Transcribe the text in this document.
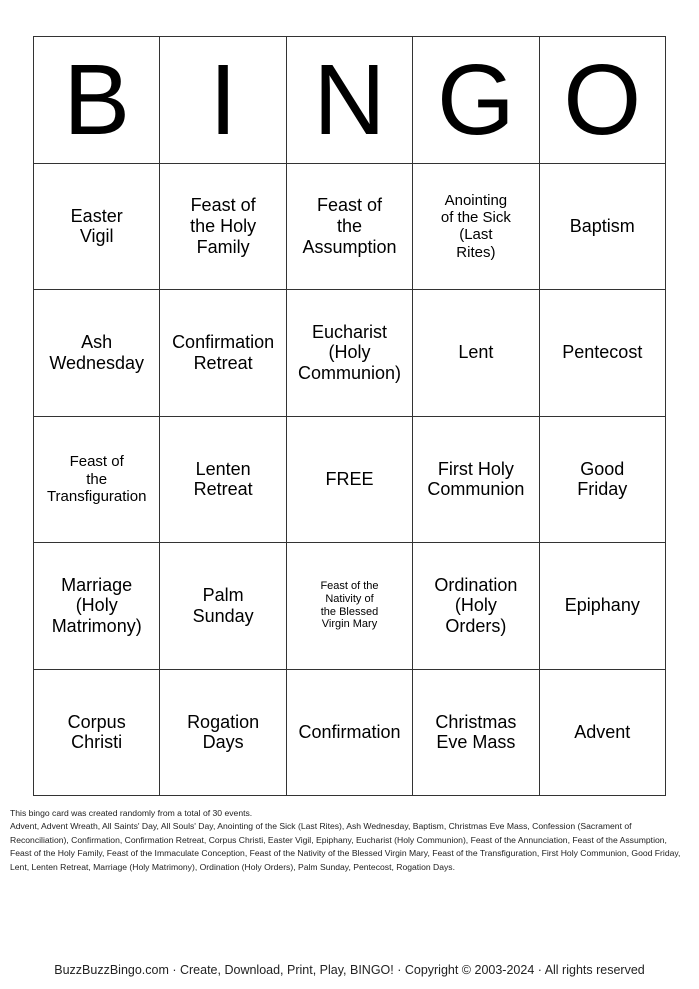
B I N G O
Easter
Vigil
Feast of
the Holy
Family
Feast of
the
Assumption
Anointing
of the Sick
(Last
Rites)
Baptism
Ash
Wednesday
Confirmation
Retreat
Eucharist
(Holy
Communion)
Lent	Pentecost
Feast of
the
Transfiguration
Lenten
Retreat
FREE
First Holy
Communion
Good
Friday
Marriage
(Holy
Matrimony)
Palm
Sunday
Feast of the
Nativity of
the Blessed
Virgin Mary
Ordination
(Holy
Orders)
Epiphany
Corpus
Christi
Rogation
Days
Confirmation
Christmas
Eve Mass
Advent

This bingo card was created randomly from a total of 30 events.

Advent, Advent Wreath, All Saints' Day, All Souls' Day, Anointing of the Sick (Last Rites), Ash Wednesday, Baptism, Christmas Eve Mass, Confession (Sacrament of Reconciliation), Confirmation, Confirmation Retreat, Corpus Christi, Easter Vigil, Epiphany, Eucharist (Holy Communion), Feast of the Annunciation, Feast of the Assumption, Feast of the Holy Family, Feast of the Immaculate Conception, Feast of the Nativity of the Blessed Virgin Mary, Feast of the Transfiguration, First Holy Communion, Good Friday, Lent, Lenten Retreat, Marriage (Holy Matrimony), Ordination (Holy Orders), Palm Sunday, Pentecost, Rogation Days.

BuzzBuzzBingo.com · Create, Download, Print, Play, BINGO! · Copyright © 2003-2024 · All rights reserved
